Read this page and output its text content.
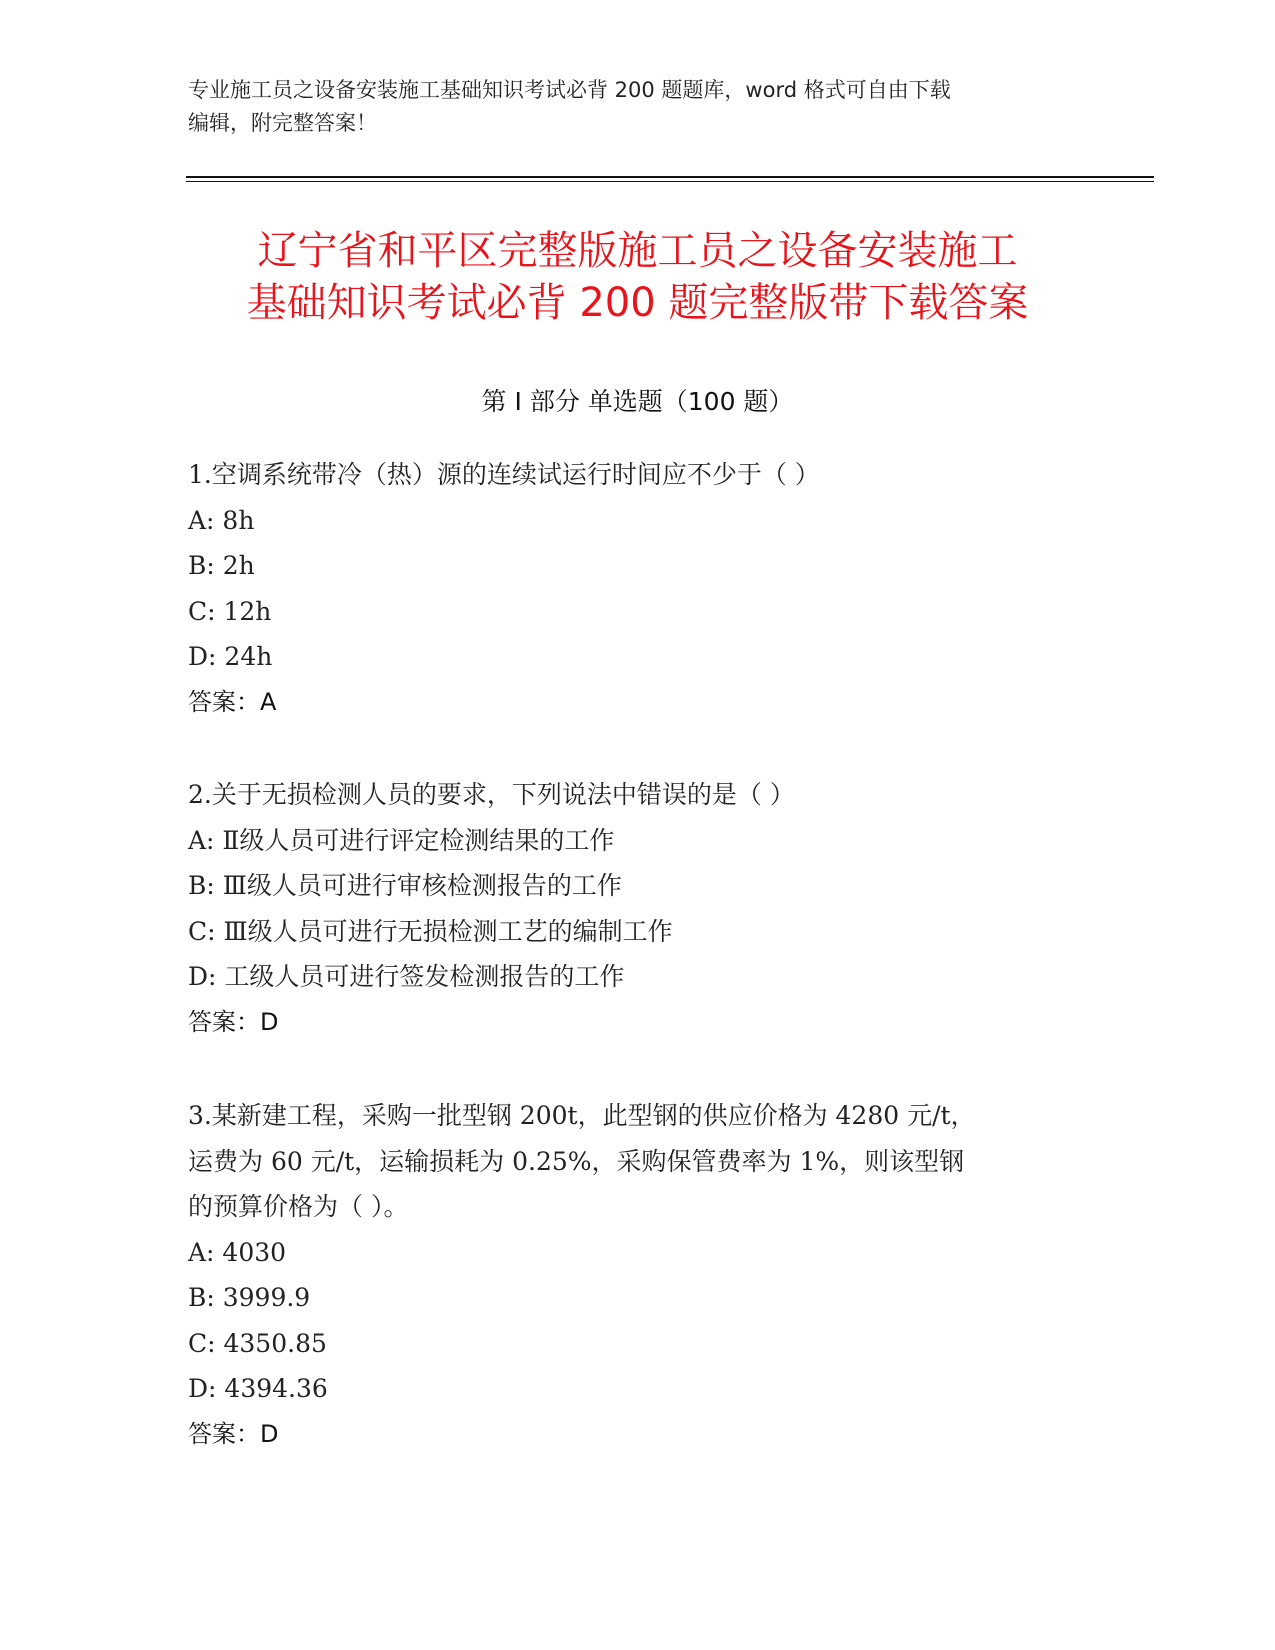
专业施工员之设备安装施工基础知识考试必背 200 题题库，word 格式可自由下载
编辑，附完整答案！
辽宁省和平区完整版施工员之设备安装施工
基础知识考试必背 200 题完整版带下载答案
第 I 部分 单选题（100 题）
1.空调系统带冷（热）源的连续试运行时间应不少于（ ）
A: 8h
B: 2h
C: 12h
D: 24h
答案：A
2.关于无损检测人员的要求，下列说法中错误的是（ ）
A: Ⅱ级人员可进行评定检测结果的工作
B: Ⅲ级人员可进行审核检测报告的工作
C: Ⅲ级人员可进行无损检测工艺的编制工作
D: 工级人员可进行签发检测报告的工作
答案：D
3.某新建工程，采购一批型钢 200t，此型钢的供应价格为 4280 元/t，
运费为 60 元/t，运输损耗为 0.25%，采购保管费率为 1%，则该型钢
的预算价格为（ ）。
A: 4030
B: 3999.9
C: 4350.85
D: 4394.36
答案：D
